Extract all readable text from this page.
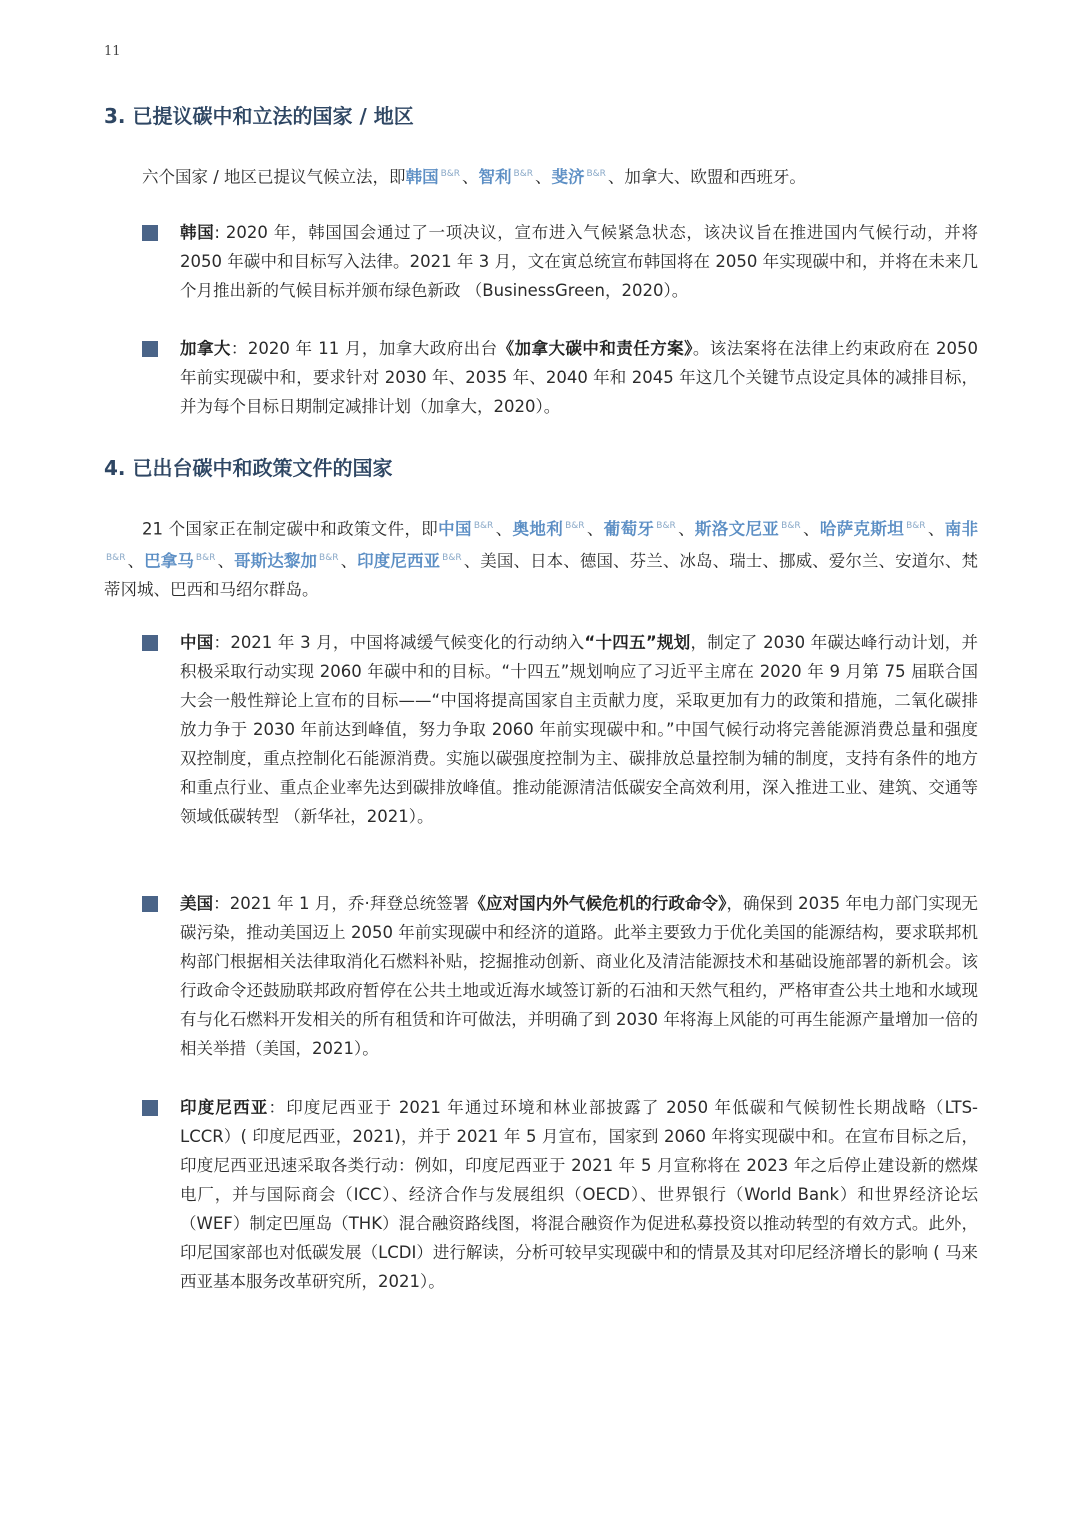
11
3. 已提议碳中和立法的国家 / 地区

六个国家 / 地区已提议气候立法，即韩国 $^{B\&R}$ 、智利 $^{B\&R}$ 、斐济 $^{B\&R}$ 、加拿大、欧盟和西班牙。

韩国: 2020 年，韩国国会通过了一项决议，宣布进入气候紧急状态，该决议旨在推进国内气候行动，并将 2050 年碳中和目标写入法律。2021 年 3 月，文在寅总统宣布韩国将在 2050 年实现碳中和，并将在未来几个月推出新的气候目标并颁布绿色新政 （BusinessGreen，2020）。
加拿大：2020 年 11 月，加拿大政府出台《加拿大碳中和责任方案》。该法案将在法律上约束政府在 2050 年前实现碳中和，要求针对 2030 年、2035 年、2040 年和 2045 年这几个关键节点设定具体的减排目标，并为每个目标日期制定减排计划（加拿大，2020）。
4. 已出台碳中和政策文件的国家

21 个国家正在制定碳中和政策文件，即中国 $^{B\&R}$ 、奥地利 $^{B\&R}$ 、葡萄牙 $^{B\&R}$ 、斯洛文尼亚 $^{B\&R}$ 、哈萨克斯坦 $^{B\&R}$ 、南非$^{B\&R}$ 、巴拿马 $^{B\&R}$ 、哥斯达黎加 $^{B\&R}$ 、印度尼西亚 $^{B\&R}$ 、美国、日本、德国、芬兰、冰岛、瑞士、挪威、爱尔兰、安道尔、梵蒂冈城、巴西和马绍尔群岛。

中国：2021 年 3 月，中国将减缓气候变化的行动纳入“十四五”规划，制定了 2030 年碳达峰行动计划，并积极采取行动实现 2060 年碳中和的目标。“十四五”规划响应了习近平主席在 2020 年 9 月第 75 届联合国大会一般性辩论上宣布的目标——“中国将提高国家自主贡献力度，采取更加有力的政策和措施，二氧化碳排放力争于 2030 年前达到峰值，努力争取 2060 年前实现碳中和。”中国气候行动将完善能源消费总量和强度双控制度，重点控制化石能源消费。实施以碳强度控制为主、碳排放总量控制为辅的制度，支持有条件的地方和重点行业、重点企业率先达到碳排放峰值。推动能源清洁低碳安全高效利用，深入推进工业、建筑、交通等领域低碳转型 （新华社，2021）。
美国：2021 年 1 月，乔·拜登总统签署《应对国内外气候危机的行政命令》，确保到 2035 年电力部门实现无碳污染，推动美国迈上 2050 年前实现碳中和经济的道路。此举主要致力于优化美国的能源结构，要求联邦机构部门根据相关法律取消化石燃料补贴，挖掘推动创新、商业化及清洁能源技术和基础设施部署的新机会。该行政命令还鼓励联邦政府暂停在公共土地或近海水域签订新的石油和天然气租约，严格审查公共土地和水域现有与化石燃料开发相关的所有租赁和许可做法，并明确了到 2030 年将海上风能的可再生能源产量增加一倍的相关举措（美国，2021）。
印度尼西亚：印度尼西亚于 2021 年通过环境和林业部披露了 2050 年低碳和气候韧性长期战略（LTS-LCCR）( 印度尼西亚，2021)，并于 2021 年 5 月宣布，国家到 2060 年将实现碳中和。在宣布目标之后，印度尼西亚迅速采取各类行动：例如，印度尼西亚于 2021 年 5 月宣称将在 2023 年之后停止建设新的燃煤电厂，并与国际商会（ICC）、经济合作与发展组织（OECD）、世界银行（World Bank）和世界经济论坛（WEF）制定巴厘岛（THK）混合融资路线图，将混合融资作为促进私募投资以推动转型的有效方式。此外，印尼国家部也对低碳发展（LCDI）进行解读，分析可较早实现碳中和的情景及其对印尼经济增长的影响 ( 马来西亚基本服务改革研究所，2021）。
